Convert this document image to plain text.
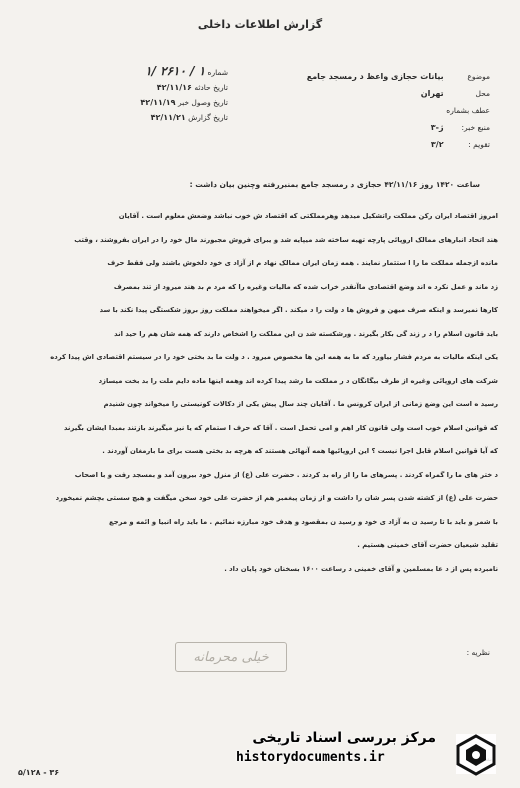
گزارش اطلاعات داخلی
موضوع بیانات حجازی واعظ د رمسجد جامع
محل تهران
عطف بشماره
منبع خبر: ژ-۳
تقویم : ۳/۲
شماره ۱ / ۲۶۱۰ /۱
تاریخ حادثه ۴۲/۱۱/۱۶
تاریخ وصول خبر ۴۲/۱۱/۱۹
تاریخ گزارش ۴۲/۱۱/۲۱
ساعت ۱۴۲۰ روز ۴۲/۱۱/۱۶ حجازی د رمسجد جامع بمنبررفته وچنین بیان داشت :
امروز اقتصاد ایران رکن مملکت راتشکیل میدهد وهرمملکتی که اقتصاد ش خوب نباشد وضعش معلوم است . آقایان
هند اتحاد انبارهای ممالک اروپائی پارچه تهیه ساخته شد میپایه شد و یبرای فروش مجبورند مال خود را در ایران بفروشند ، وقتب
مانده ازجمله مملکت ما را ا ستثمار نمایند . همه زمان ایران ممالک نهاد م از آزاد ی خود دلخوش باشند ولی فقط حرف
زد ماند و عمل نکرد ه اند وضع اقتصادی ماآنقدر خراب شده که مالیات وغیره را که مرد م بد هند میرود از تند بمصرف
کارها نمیرسد و اینکه صرف میهن و فروش ها د ولت را د میکند . اگر میخواهند مملکت روز بروز شکستگی پیدا نکند با سد
باید قانون اسلام را د ر زند گی بکار بگیرند . ورشکسته شد ن این مملکت را اشخاص دارند که همه شان هم را حید اند
یکی اینکه مالیات به مردم فشار بیاورد که ما به همه این ها مخصوص میرود . د ولت ما بد بختی خود را در سیستم اقتصادی اش پیدا کرده
شرکت های اروپائی وغیره از طرف بیگانگان د ر مملکت ما رشد پیدا کرده اند وهمه اینها ماده دایم ملت را بد بخت میسازد
رسید ه است این وضع زمانی از ایران کرونس ما . آقایان چند سال پیش یکی از دکالات کونیستی را میخواند چون شنیدم
که قوانین اسلام خوب است ولی قانون کار اهم و امی تحمل است . آقا که حرف ا ستمام که یا نیز میگیرند بازتند بمبدا ایشان بگیرند
که آیا قوانین اسلام قابل اجرا نیست ؟ این اروپائیها همه آنهائی هستند که هرچه بد بختی هست برای ما بارمغان آوردند .
د ختر های ما را گمراه کردند . پسرهای ما را از راه بد کردند . حضرت علی (ع) از منزل خود بیرون آمد و بمسجد رفت و با اصحاب
حضرت علی (ع) از کشته شدن پسر شان را داشت و از زمان پیغمبر هم از حضرت علی خود سخن میگفت و هیچ سستی بچشم نمیخورد
با شمر و باید با تا رسید ن به آزاد ی خود و رسید ن بمقصود و هدف خود مبارزه نمائیم . ما باید راه انبیا و ائمه و مرجع
تقلید شیعیان حضرت آقای خمینی هستیم .
نامبرده پس از د عا بمسلمین و آقای خمینی د رساعت ۱۶۰۰ بسخنان خود پایان داد .
نظریه :
خیلی محرمانه
۳۶ - ۵/۱۲۸
مرکز بررسی اسناد تاریخی
historydocuments.ir
